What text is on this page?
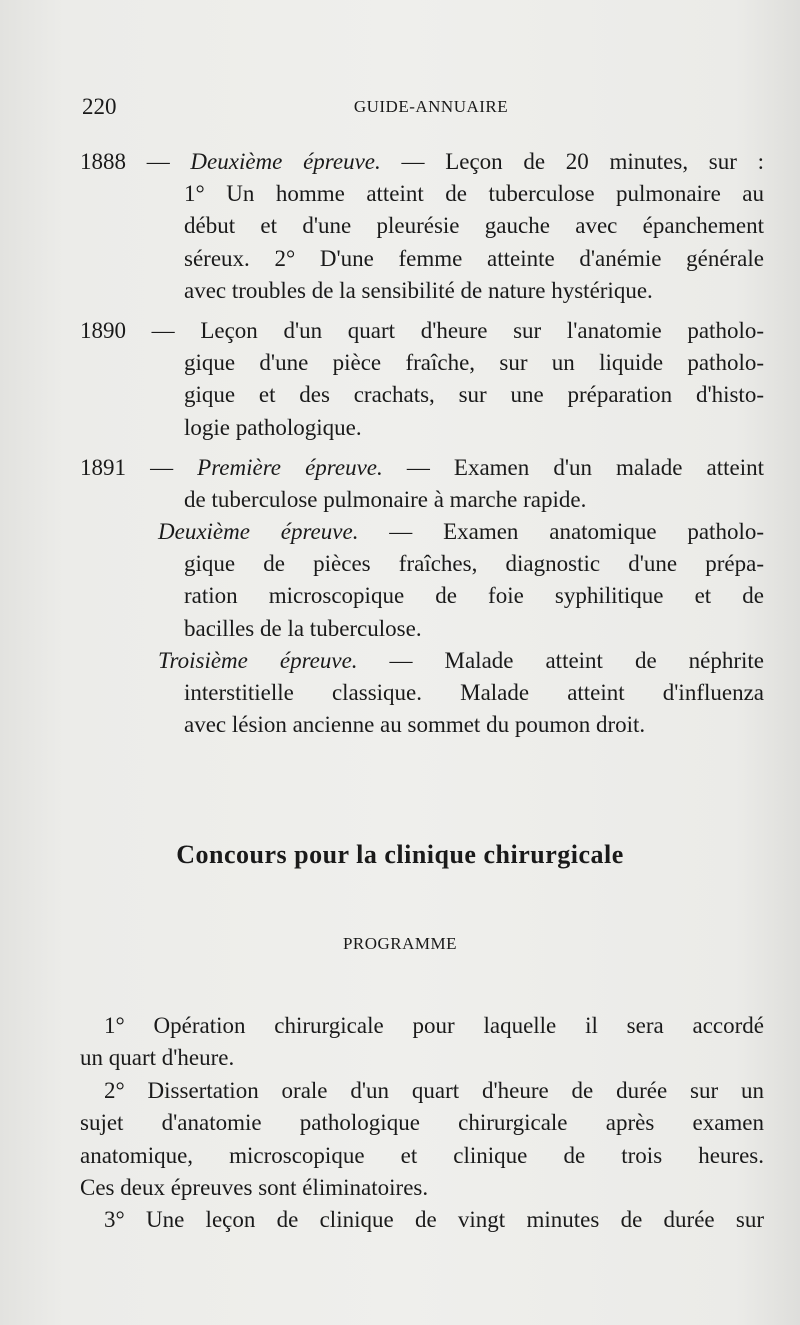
220	GUIDE-ANNUAIRE
1888 — Deuxième épreuve. — Leçon de 20 minutes, sur :
1° Un homme atteint de tuberculose pulmonaire au
début et d'une pleurésie gauche avec épanchement
séreux. 2° D'une femme atteinte d'anémie générale
avec troubles de la sensibilité de nature hystérique.
1890 — Leçon d'un quart d'heure sur l'anatomie patholo-
gique d'une pièce fraîche, sur un liquide patholo-
gique et des crachats, sur une préparation d'histo-
logie pathologique.
1891 — Première épreuve. — Examen d'un malade atteint
de tuberculose pulmonaire à marche rapide.
Deuxième épreuve. — Examen anatomique patholo-
gique de pièces fraîches, diagnostic d'une prépa-
ration microscopique de foie syphilitique et de
bacilles de la tuberculose.
Troisième épreuve. — Malade atteint de néphrite
interstitielle classique. Malade atteint d'influenza
avec lésion ancienne au sommet du poumon droit.
Concours pour la clinique chirurgicale
PROGRAMME
1° Opération chirurgicale pour laquelle il sera accordé
un quart d'heure.
2° Dissertation orale d'un quart d'heure de durée sur un
sujet d'anatomie pathologique chirurgicale après examen
anatomique, microscopique et clinique de trois heures.
Ces deux épreuves sont éliminatoires.
3° Une leçon de clinique de vingt minutes de durée sur
